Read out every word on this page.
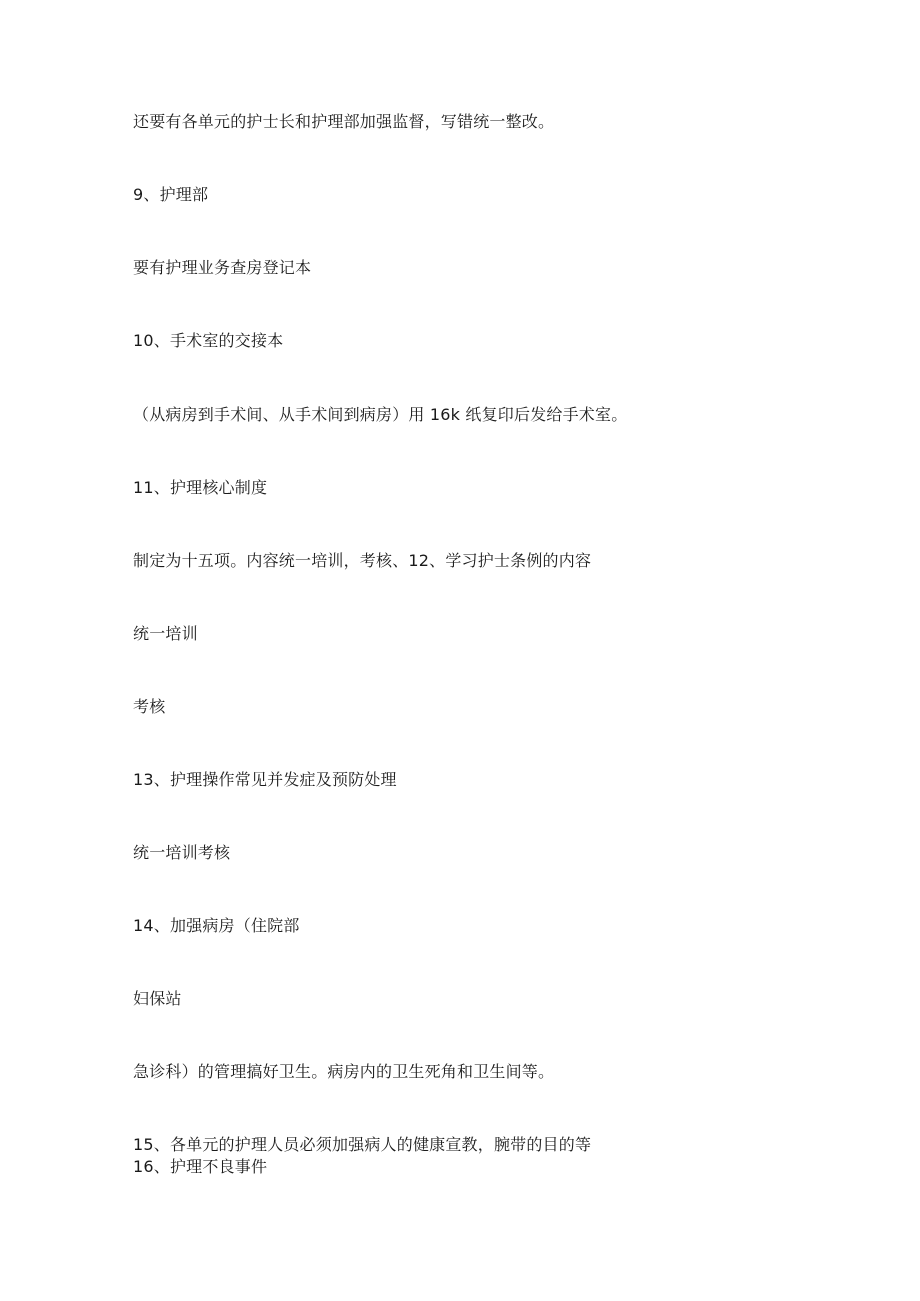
还要有各单元的护士长和护理部加强监督，写错统一整改。
9、护理部
要有护理业务查房登记本
10、手术室的交接本
（从病房到手术间、从手术间到病房）用 16k 纸复印后发给手术室。
11、护理核心制度
制定为十五项。内容统一培训，考核、12、学习护士条例的内容
统一培训
考核
13、护理操作常见并发症及预防处理
统一培训考核
14、加强病房（住院部
妇保站
急诊科）的管理搞好卫生。病房内的卫生死角和卫生间等。
15、各单元的护理人员必须加强病人的健康宣教，腕带的目的等
16、护理不良事件
